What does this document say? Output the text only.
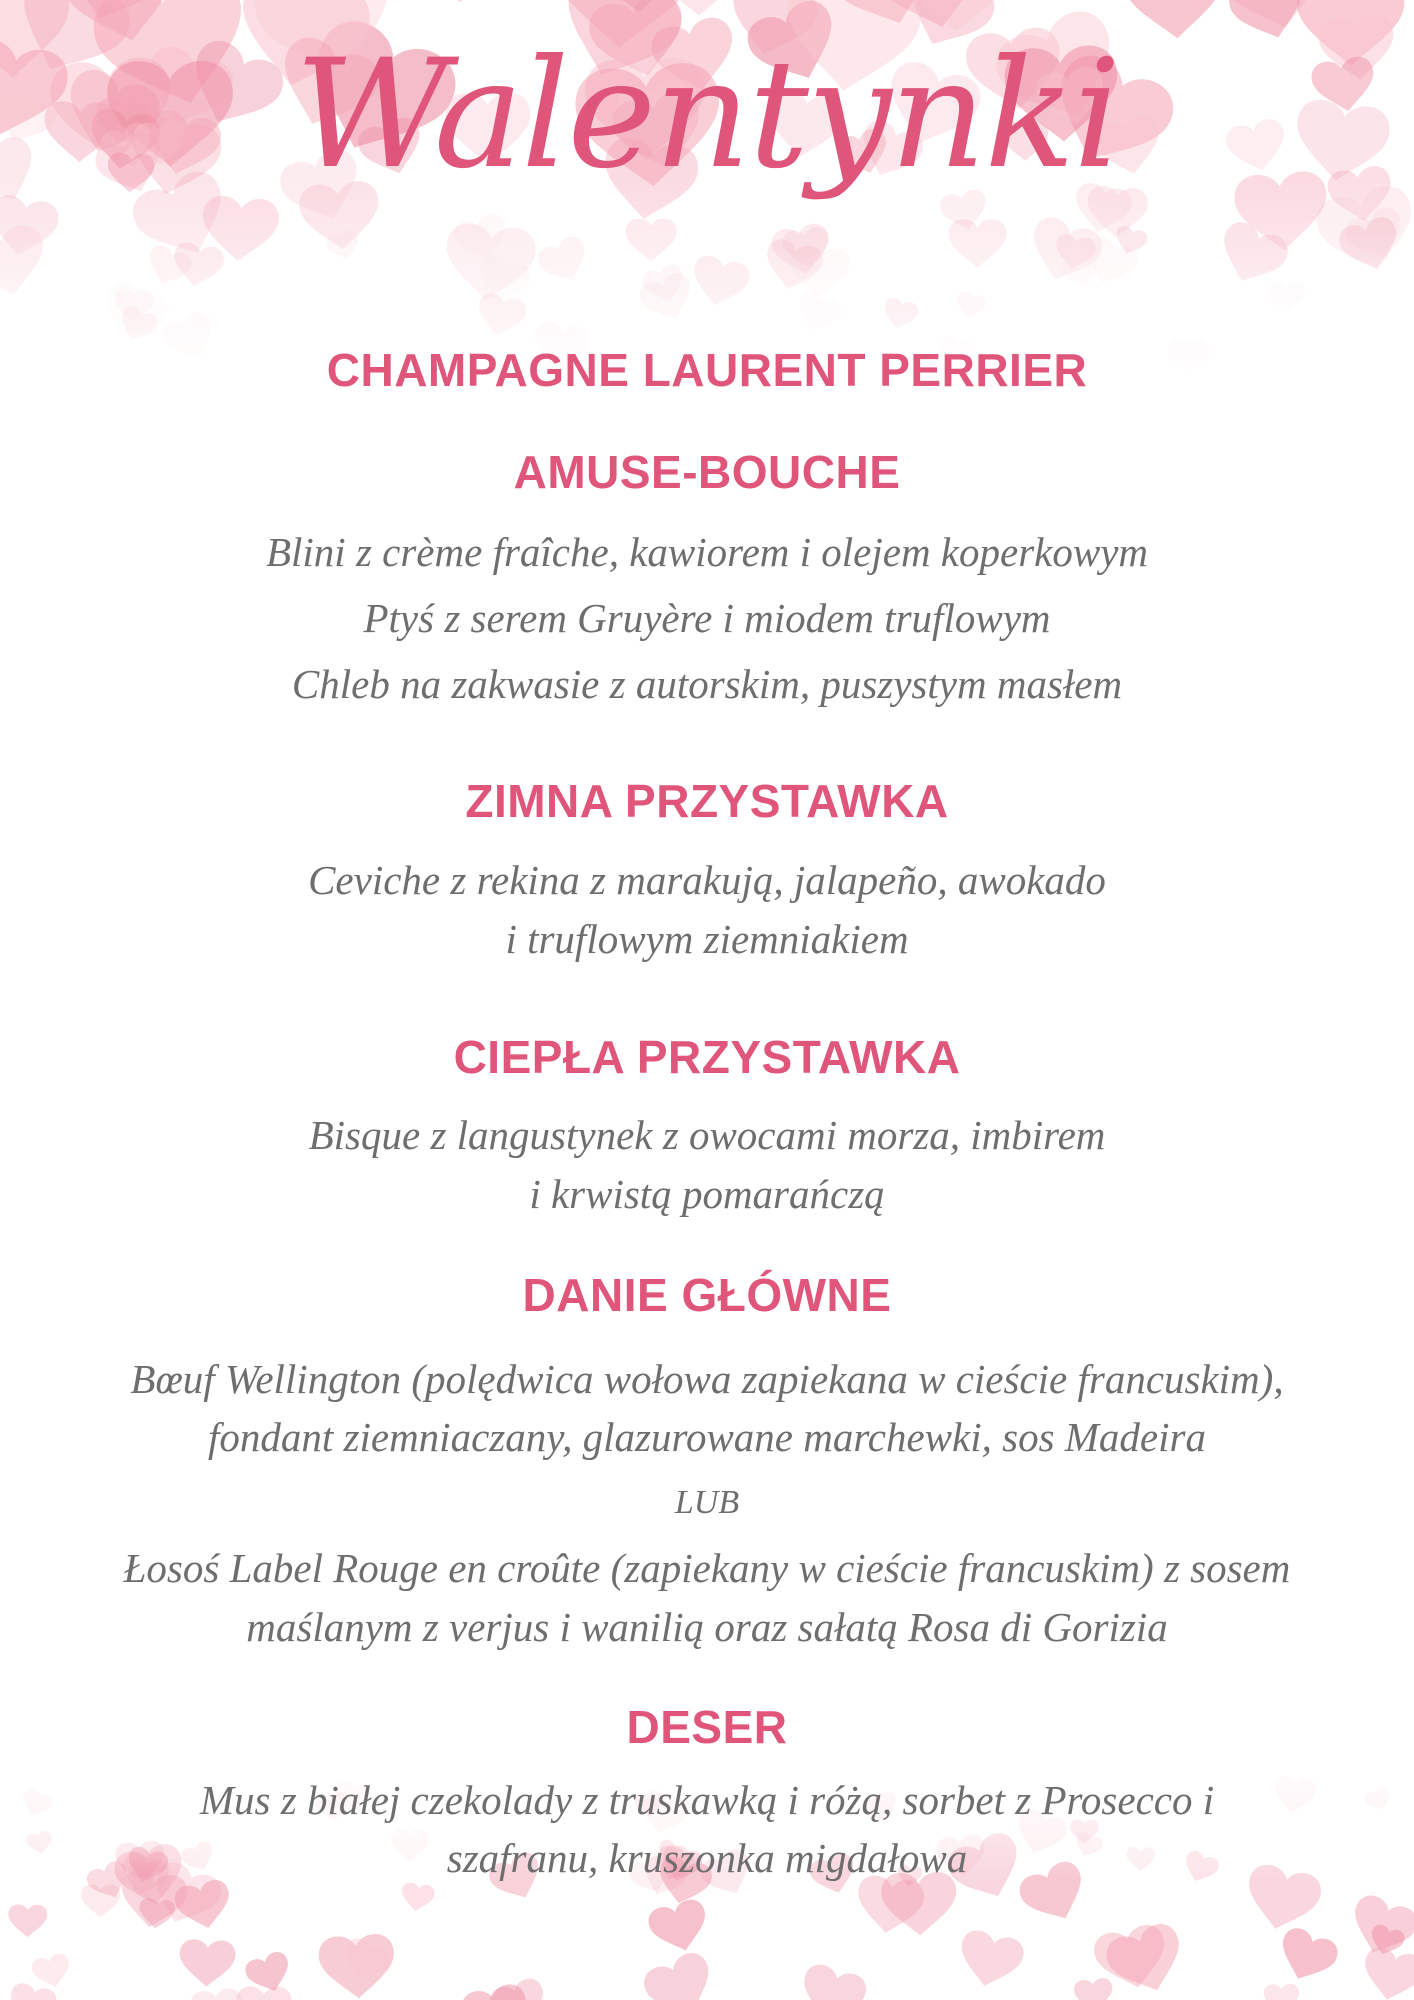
Walentynki
CHAMPAGNE LAURENT PERRIER
AMUSE-BOUCHE
Blini z crème fraîche, kawiorem i olejem koperkowym
Ptyś z serem Gruyère i miodem truflowym
Chleb na zakwasie z autorskim, puszystym masłem
ZIMNA PRZYSTAWKA
Ceviche z rekina z marakują, jalapeño, awokado
i truflowym ziemniakiem
CIEPŁA PRZYSTAWKA
Bisque z langustynek z owocami morza, imbirem
i krwistą pomarańczą
DANIE GŁÓWNE
Bœuf Wellington (polędwica wołowa zapiekana w cieście francuskim),
fondant ziemniaczany, glazurowane marchewki, sos Madeira
LUB
Łosoś Label Rouge en croûte (zapiekany w cieście francuskim) z sosem
maślanym z verjus i wanilią oraz sałatą Rosa di Gorizia
DESER
Mus z białej czekolady z truskawką i różą, sorbet z Prosecco i
szafranu, kruszonka migdałowa
